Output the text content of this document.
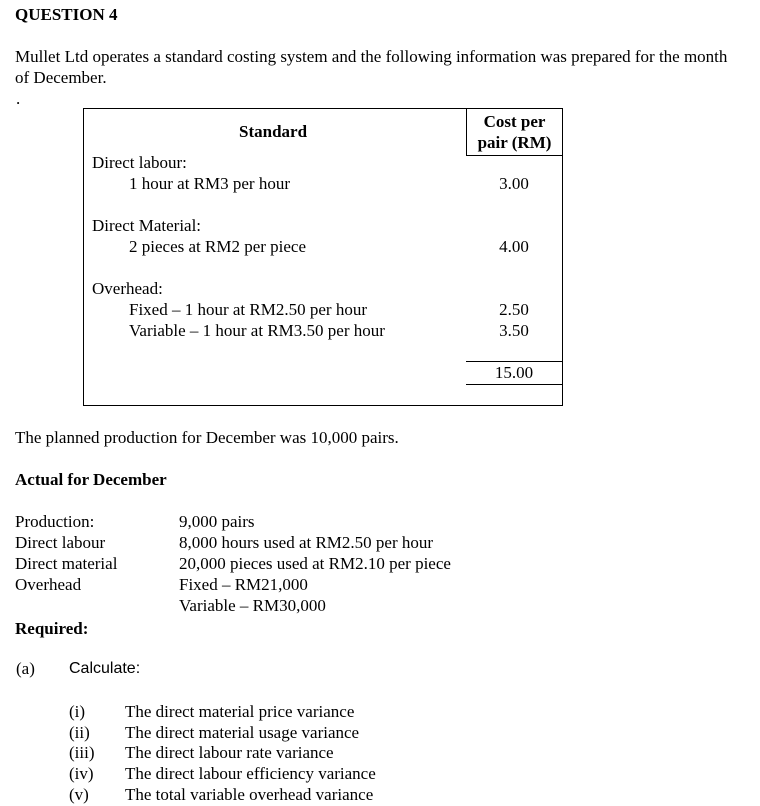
QUESTION 4
Mullet Ltd operates a standard costing system and the following information was prepared for the month of December.
.
Standard
Cost per
pair (RM)
Direct labour:
1 hour at RM3 per hour	3.00
Direct Material:
2 pieces at RM2 per piece	4.00
Overhead:
Fixed – 1 hour at RM2.50 per hour	2.50
Variable – 1 hour at RM3.50 per hour	3.50
15.00
The planned production for December was 10,000 pairs.
Actual for December
Production:	9,000 pairs
Direct labour	8,000 hours used at RM2.50 per hour
Direct material	20,000 pieces used at RM2.10 per piece
Overhead	Fixed – RM21,000
Variable – RM30,000
Required:
(a) Calculate:
(i) The direct material price variance
(ii) The direct material usage variance
(iii) The direct labour rate variance
(iv) The direct labour efficiency variance
(v) The total variable overhead variance
